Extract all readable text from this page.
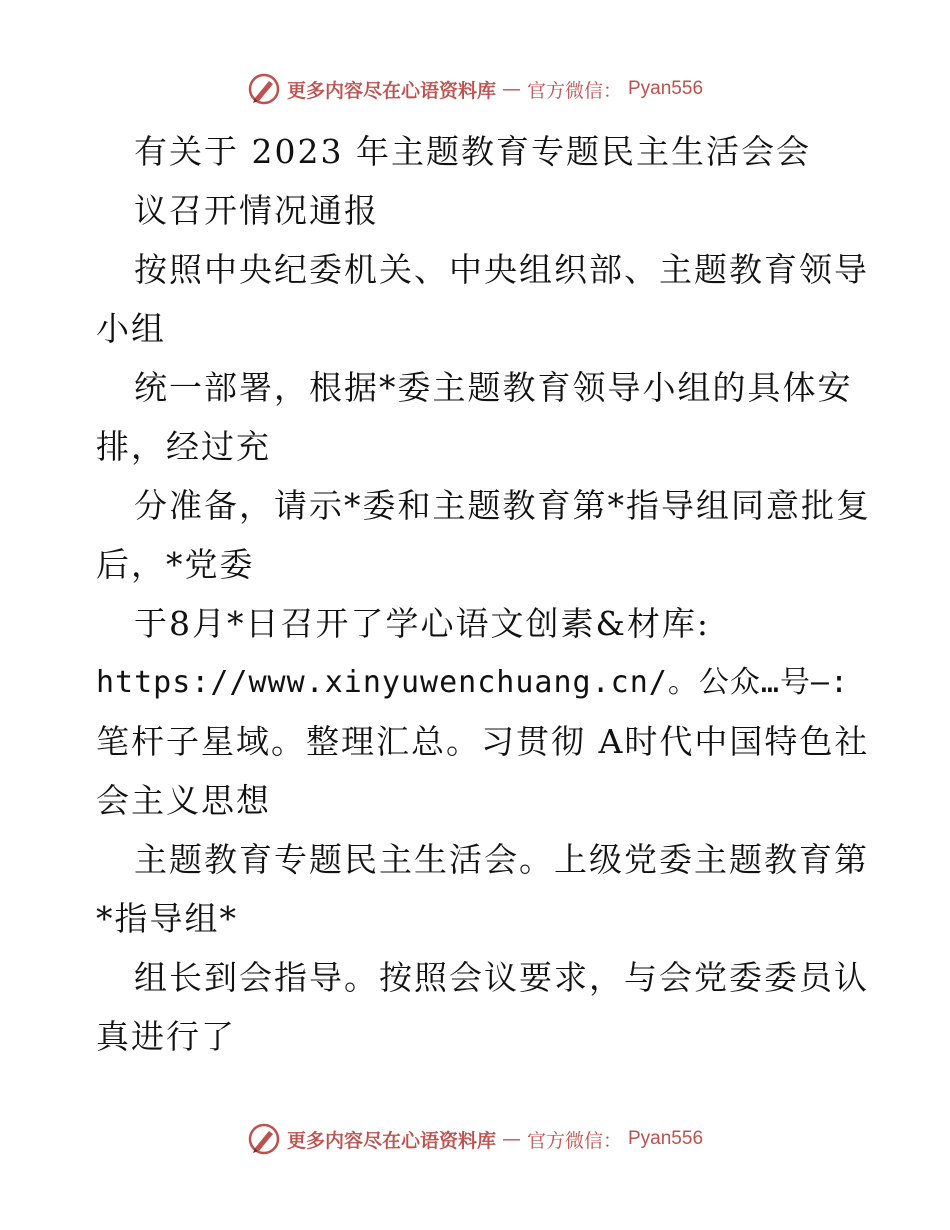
更多内容尽在心语资料库 — 官方微信： Pyan556
有关于 2023 年主题教育专题民主生活会会
议召开情况通报
按照中央纪委机关、中央组织部、主题教育领导
小组
统一部署，根据*委主题教育领导小组的具体安
排，经过充
分准备，请示*委和主题教育第*指导组同意批复
后，*党委
于8月*日召开了学心语文创素&材库:
https://www.xinyuwenchuang.cn/。公众…号—:
笔杆子星域。整理汇总。习贯彻 A时代中国特色社
会主义思想
主题教育专题民主生活会。上级党委主题教育第
*指导组*
组长到会指导。按照会议要求，与会党委委员认
真进行了
更多内容尽在心语资料库 — 官方微信： Pyan556
